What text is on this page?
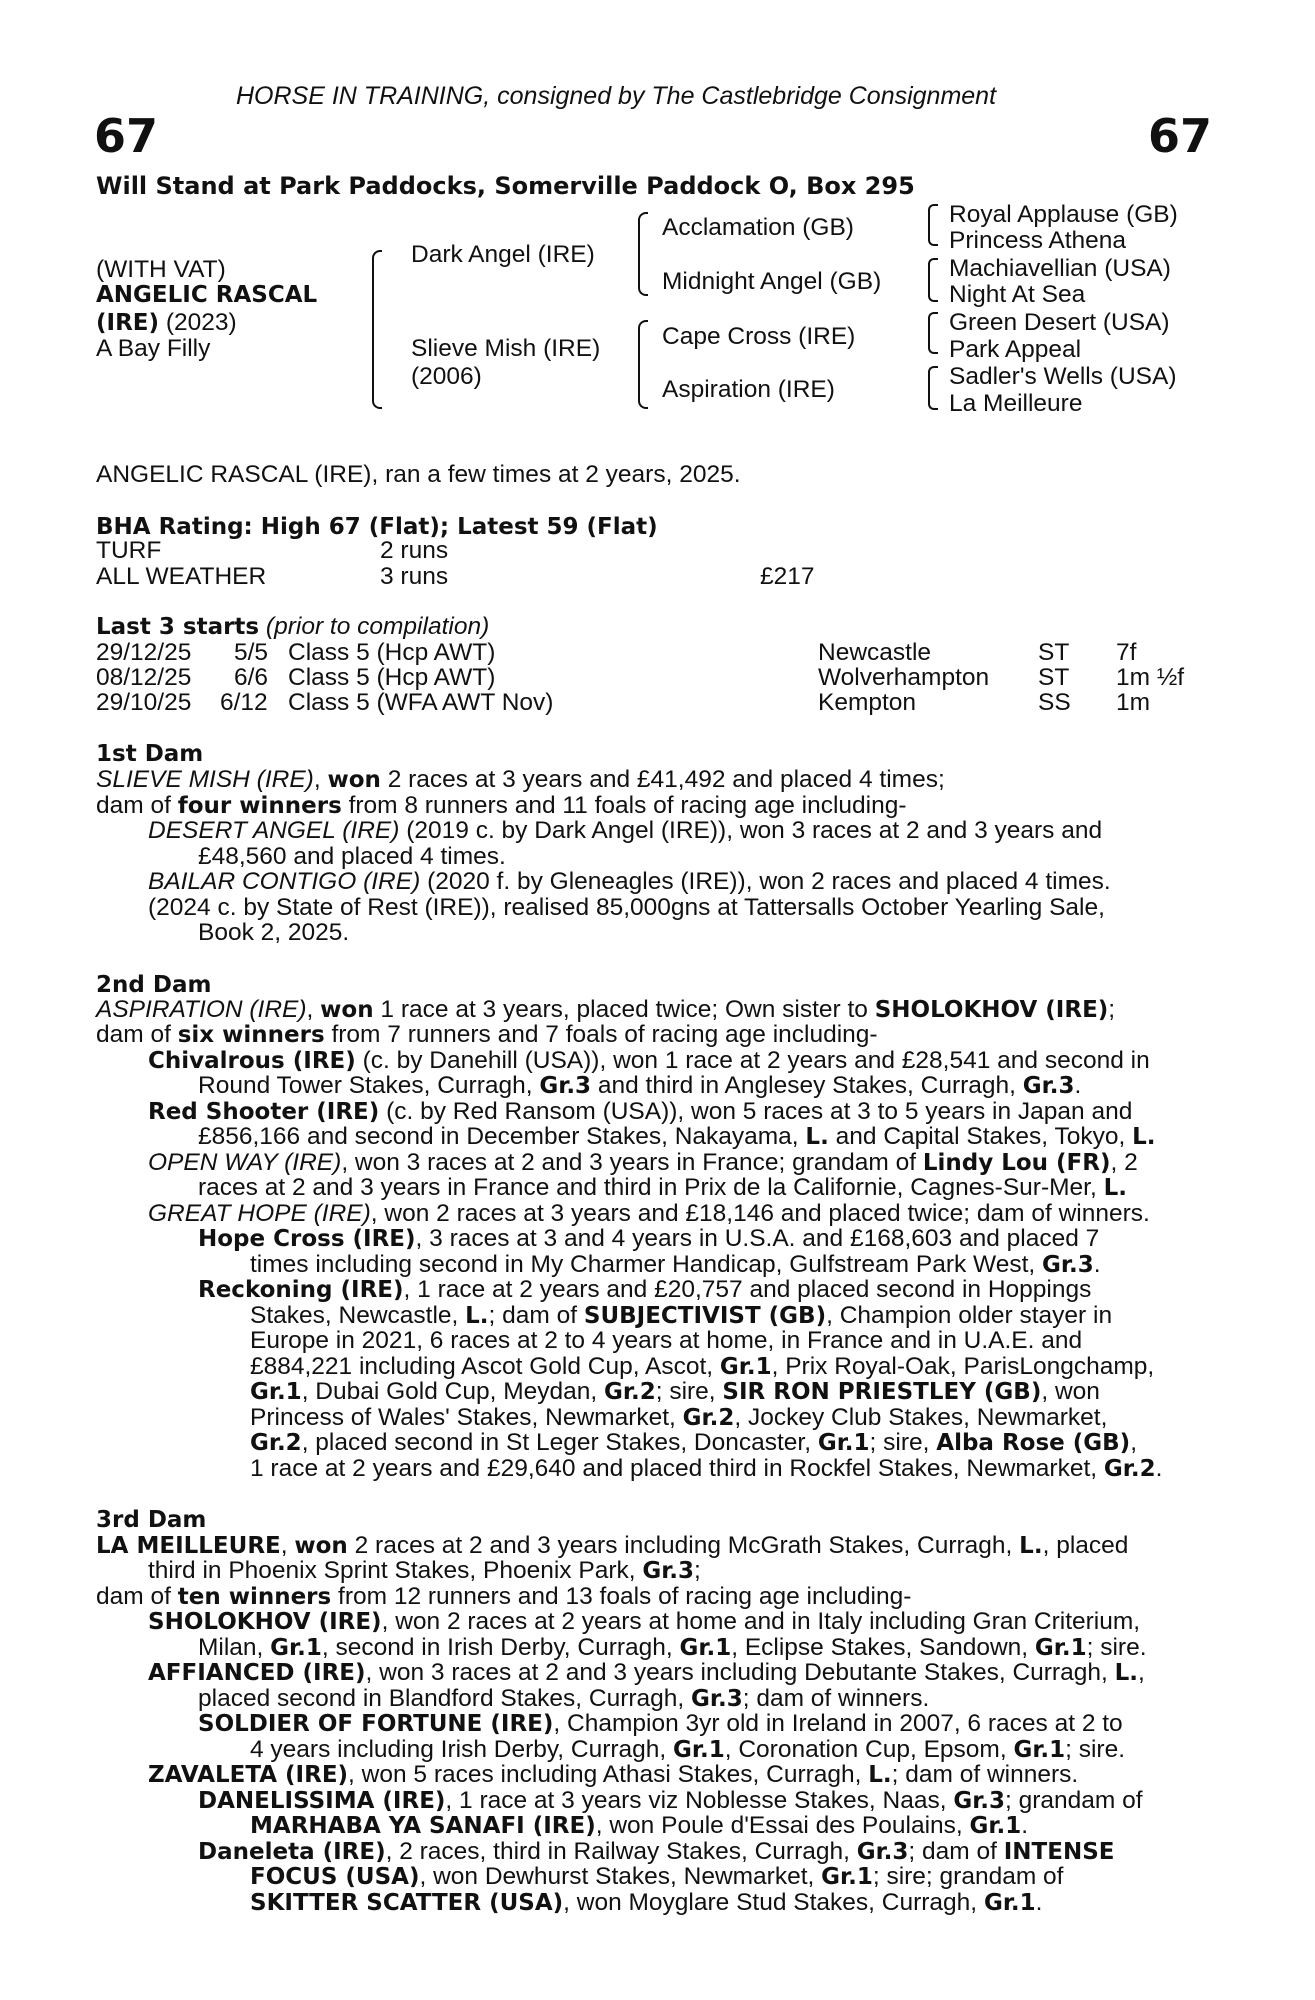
HORSE IN TRAINING, consigned by The Castlebridge Consignment
67	67
Will Stand at Park Paddocks, Somerville Paddock O, Box 295
(WITH VAT)
ANGELIC RASCAL
(IRE) (2023)
A Bay Filly
Dark Angel (IRE)
Slieve Mish (IRE)
(2006)
Acclamation (GB)
Midnight Angel (GB)
Cape Cross (IRE)
Aspiration (IRE)
Royal Applause (GB)
Princess Athena
Machiavellian (USA)
Night At Sea
Green Desert (USA)
Park Appeal
Sadler's Wells (USA)
La Meilleure
ANGELIC RASCAL (IRE), ran a few times at 2 years, 2025.
BHA Rating: High 67 (Flat); Latest 59 (Flat)
TURF	2 runs
ALL WEATHER	3 runs	£217
Last 3 starts (prior to compilation)
29/12/25 5/5 Class 5 (Hcp AWT)	Newcastle	ST 7f
08/12/25 6/6 Class 5 (Hcp AWT)	Wolverhampton ST 1m ½f
29/10/25 6/12 Class 5 (WFA AWT Nov)	Kempton	SS 1m
1st Dam
SLIEVE MISH (IRE), won 2 races at 3 years and £41,492 and placed 4 times;
dam of four winners from 8 runners and 11 foals of racing age including-
DESERT ANGEL (IRE) (2019 c. by Dark Angel (IRE)), won 3 races at 2 and 3 years and
£48,560 and placed 4 times.
BAILAR CONTIGO (IRE) (2020 f. by Gleneagles (IRE)), won 2 races and placed 4 times.
(2024 c. by State of Rest (IRE)), realised 85,000gns at Tattersalls October Yearling Sale,
Book 2, 2025.
2nd Dam
ASPIRATION (IRE), won 1 race at 3 years, placed twice; Own sister to SHOLOKHOV (IRE);
dam of six winners from 7 runners and 7 foals of racing age including-
Chivalrous (IRE) (c. by Danehill (USA)), won 1 race at 2 years and £28,541 and second in
Round Tower Stakes, Curragh, Gr.3 and third in Anglesey Stakes, Curragh, Gr.3.
Red Shooter (IRE) (c. by Red Ransom (USA)), won 5 races at 3 to 5 years in Japan and
£856,166 and second in December Stakes, Nakayama, L. and Capital Stakes, Tokyo, L.
OPEN WAY (IRE), won 3 races at 2 and 3 years in France; grandam of Lindy Lou (FR), 2
races at 2 and 3 years in France and third in Prix de la Californie, Cagnes-Sur-Mer, L.
GREAT HOPE (IRE), won 2 races at 3 years and £18,146 and placed twice; dam of winners.
Hope Cross (IRE), 3 races at 3 and 4 years in U.S.A. and £168,603 and placed 7
times including second in My Charmer Handicap, Gulfstream Park West, Gr.3.
Reckoning (IRE), 1 race at 2 years and £20,757 and placed second in Hoppings
Stakes, Newcastle, L.; dam of SUBJECTIVIST (GB), Champion older stayer in
Europe in 2021, 6 races at 2 to 4 years at home, in France and in U.A.E. and
£884,221 including Ascot Gold Cup, Ascot, Gr.1, Prix Royal-Oak, ParisLongchamp,
Gr.1, Dubai Gold Cup, Meydan, Gr.2; sire, SIR RON PRIESTLEY (GB), won
Princess of Wales' Stakes, Newmarket, Gr.2, Jockey Club Stakes, Newmarket,
Gr.2, placed second in St Leger Stakes, Doncaster, Gr.1; sire, Alba Rose (GB),
1 race at 2 years and £29,640 and placed third in Rockfel Stakes, Newmarket, Gr.2.
3rd Dam
LA MEILLEURE, won 2 races at 2 and 3 years including McGrath Stakes, Curragh, L., placed
third in Phoenix Sprint Stakes, Phoenix Park, Gr.3;
dam of ten winners from 12 runners and 13 foals of racing age including-
SHOLOKHOV (IRE), won 2 races at 2 years at home and in Italy including Gran Criterium,
Milan, Gr.1, second in Irish Derby, Curragh, Gr.1, Eclipse Stakes, Sandown, Gr.1; sire.
AFFIANCED (IRE), won 3 races at 2 and 3 years including Debutante Stakes, Curragh, L.,
placed second in Blandford Stakes, Curragh, Gr.3; dam of winners.
SOLDIER OF FORTUNE (IRE), Champion 3yr old in Ireland in 2007, 6 races at 2 to
4 years including Irish Derby, Curragh, Gr.1, Coronation Cup, Epsom, Gr.1; sire.
ZAVALETA (IRE), won 5 races including Athasi Stakes, Curragh, L.; dam of winners.
DANELISSIMA (IRE), 1 race at 3 years viz Noblesse Stakes, Naas, Gr.3; grandam of
MARHABA YA SANAFI (IRE), won Poule d'Essai des Poulains, Gr.1.
Daneleta (IRE), 2 races, third in Railway Stakes, Curragh, Gr.3; dam of INTENSE
FOCUS (USA), won Dewhurst Stakes, Newmarket, Gr.1; sire; grandam of
SKITTER SCATTER (USA), won Moyglare Stud Stakes, Curragh, Gr.1.
